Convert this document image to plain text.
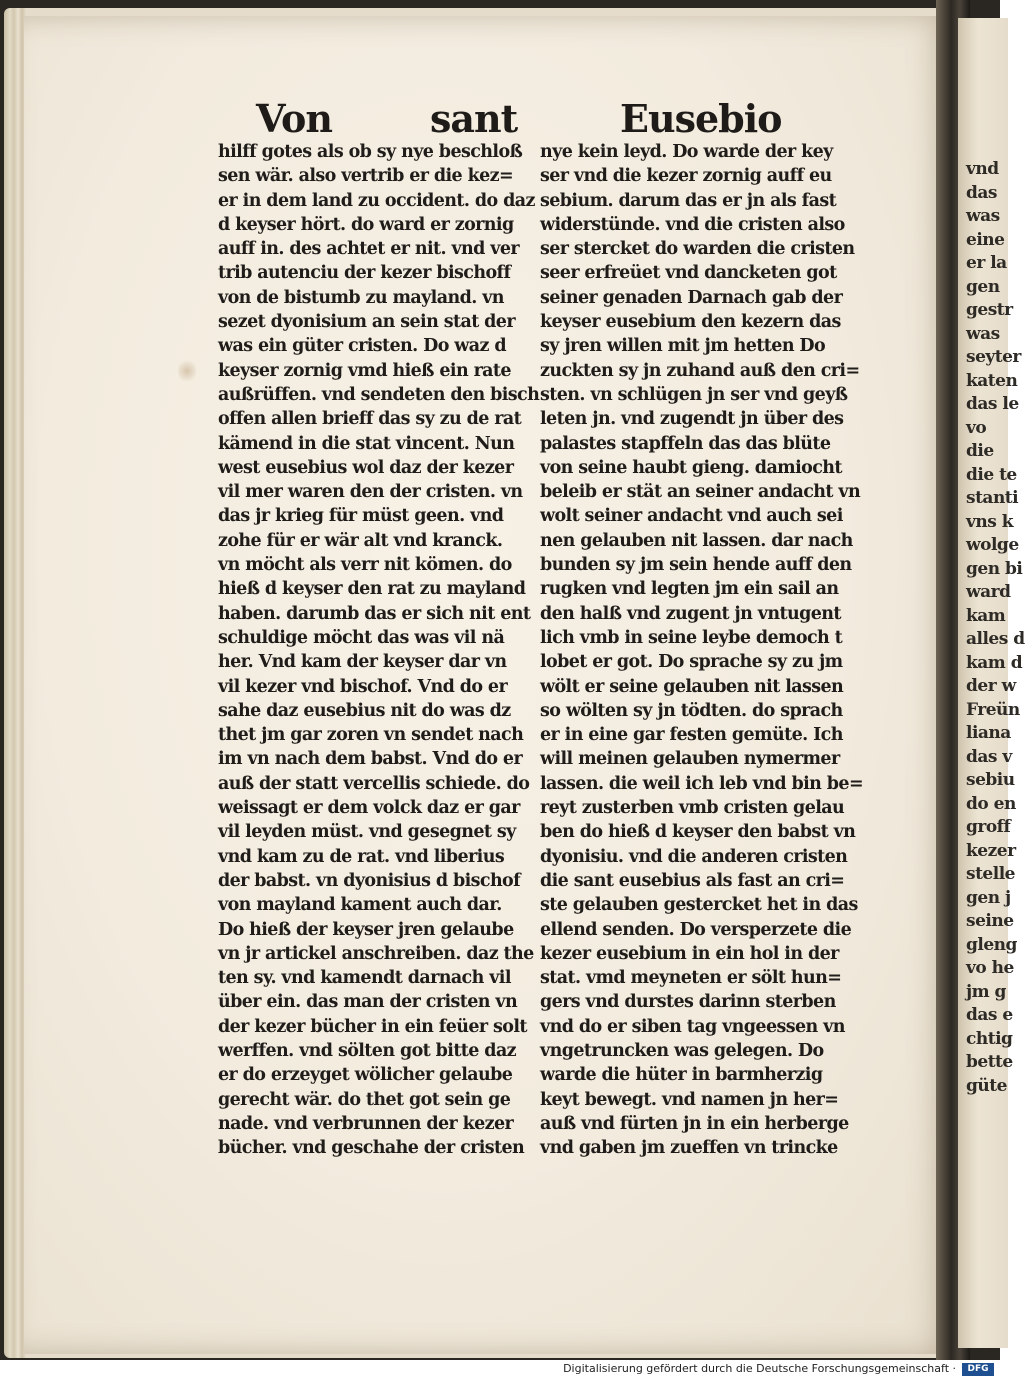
vnd
das
was
eine
er la
gen
gestr
was
seyter
katen
das le
vo
die
die te
stanti
vns k
wolge
gen bi
ward
kam
alles d
kam d
der w
Freün
liana
das v
sebiu
do en
groff
kezer
stelle
gen j
seine
gleng
vo he
jm g
das e
chtig
bette
güte
Von	sant	Eusebio
hilff gotes als ob sy nye beschloß
sen wär. also vertrib er die kez=
er in dem land zu occident. do daz
d keyser hört. do ward er zornig
auff in. des achtet er nit. vnd ver
trib autenciu der kezer bischoff
von de bistumb zu mayland. vn
sezet dyonisium an sein stat der
was ein güter cristen. Do waz d
keyser zornig vmd hieß ein rate
außrüffen. vnd sendeten den bisch
offen allen brieff das sy zu de rat
kämend in die stat vincent. Nun
west eusebius wol daz der kezer
vil mer waren den der cristen. vn
das jr krieg für müst geen. vnd
zohe für er wär alt vnd kranck.
vn möcht als verr nit kömen. do
hieß d keyser den rat zu mayland
haben. darumb das er sich nit ent
schuldige möcht das was vil nä
her. Vnd kam der keyser dar vn
vil kezer vnd bischof. Vnd do er
sahe daz eusebius nit do was dz
thet jm gar zoren vn sendet nach
im vn nach dem babst. Vnd do er
auß der statt vercellis schiede. do
weissagt er dem volck daz er gar
vil leyden müst. vnd gesegnet sy
vnd kam zu de rat. vnd liberius
der babst. vn dyonisius d bischof
von mayland kament auch dar.
Do hieß der keyser jren gelaube
vn jr artickel anschreiben. daz the
ten sy. vnd kamendt darnach vil
über ein. das man der cristen vn
der kezer bücher in ein feüer solt
werffen. vnd sölten got bitte daz
er do erzeyget wölicher gelaube
gerecht wär. do thet got sein ge
nade. vnd verbrunnen der kezer
bücher. vnd geschahe der cristen
nye kein leyd. Do warde der key
ser vnd die kezer zornig auff eu
sebium. darum das er jn als fast
widerstünde. vnd die cristen also
ser stercket do warden die cristen
seer erfreüet vnd dancketen got
seiner genaden Darnach gab der
keyser eusebium den kezern das
sy jren willen mit jm hetten Do
zuckten sy jn zuhand auß den cri=
sten. vn schlügen jn ser vnd geyß
leten jn. vnd zugendt jn über des
palastes stapffeln das das blüte
von seine haubt gieng. damiocht
beleib er stät an seiner andacht vn
wolt seiner andacht vnd auch sei
nen gelauben nit lassen. dar nach
bunden sy jm sein hende auff den
rugken vnd legten jm ein sail an
den halß vnd zugent jn vntugent
lich vmb in seine leybe democh t
lobet er got. Do sprache sy zu jm
wölt er seine gelauben nit lassen
so wölten sy jn tödten. do sprach
er in eine gar festen gemüte. Ich
will meinen gelauben nymermer
lassen. die weil ich leb vnd bin be=
reyt zusterben vmb cristen gelau
ben do hieß d keyser den babst vn
dyonisiu. vnd die anderen cristen
die sant eusebius als fast an cri=
ste gelauben gestercket het in das
ellend senden. Do versperzete die
kezer eusebium in ein hol in der
stat. vmd meyneten er sölt hun=
gers vnd durstes darinn sterben
vnd do er siben tag vngeessen vn
vngetruncken was gelegen. Do
warde die hüter in barmherzig
keyt bewegt. vnd namen jn her=
auß vnd fürten jn in ein herberge
vnd gaben jm zueffen vn trincke
Digitalisierung gefördert durch die Deutsche Forschungsgemeinschaft ·	DFG
